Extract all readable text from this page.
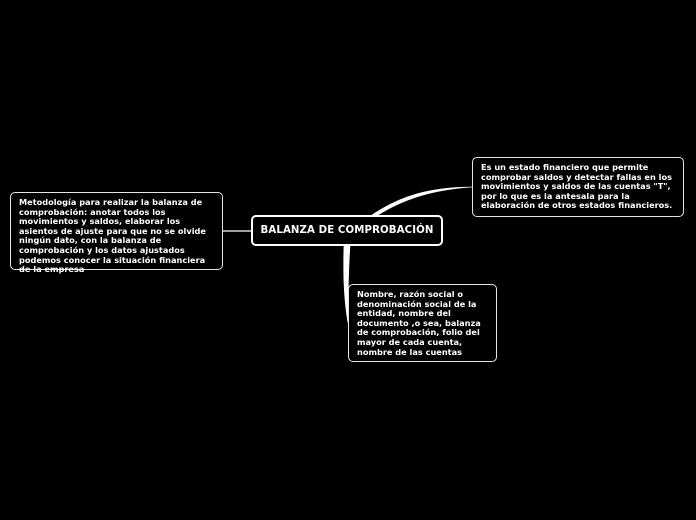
BALANZA DE COMPROBACIÓN
Metodología para realizar la balanza de comprobación: anotar todos los movimientos y saldos, elaborar los asientos de ajuste para que no se olvide ningún dato, con la balanza de comprobación y los datos ajustados podemos conocer la situación financiera de la empresa
Es un estado financiero que permite comprobar saldos y detectar fallas en los movimientos y saldos de las cuentas "T", por lo que es la antesala para la elaboración de otros estados financieros.
Nombre, razón social o denominación social de la entidad, nombre del documento ,o sea, balanza de comprobación, folio del mayor de cada cuenta, nombre de las cuentas
